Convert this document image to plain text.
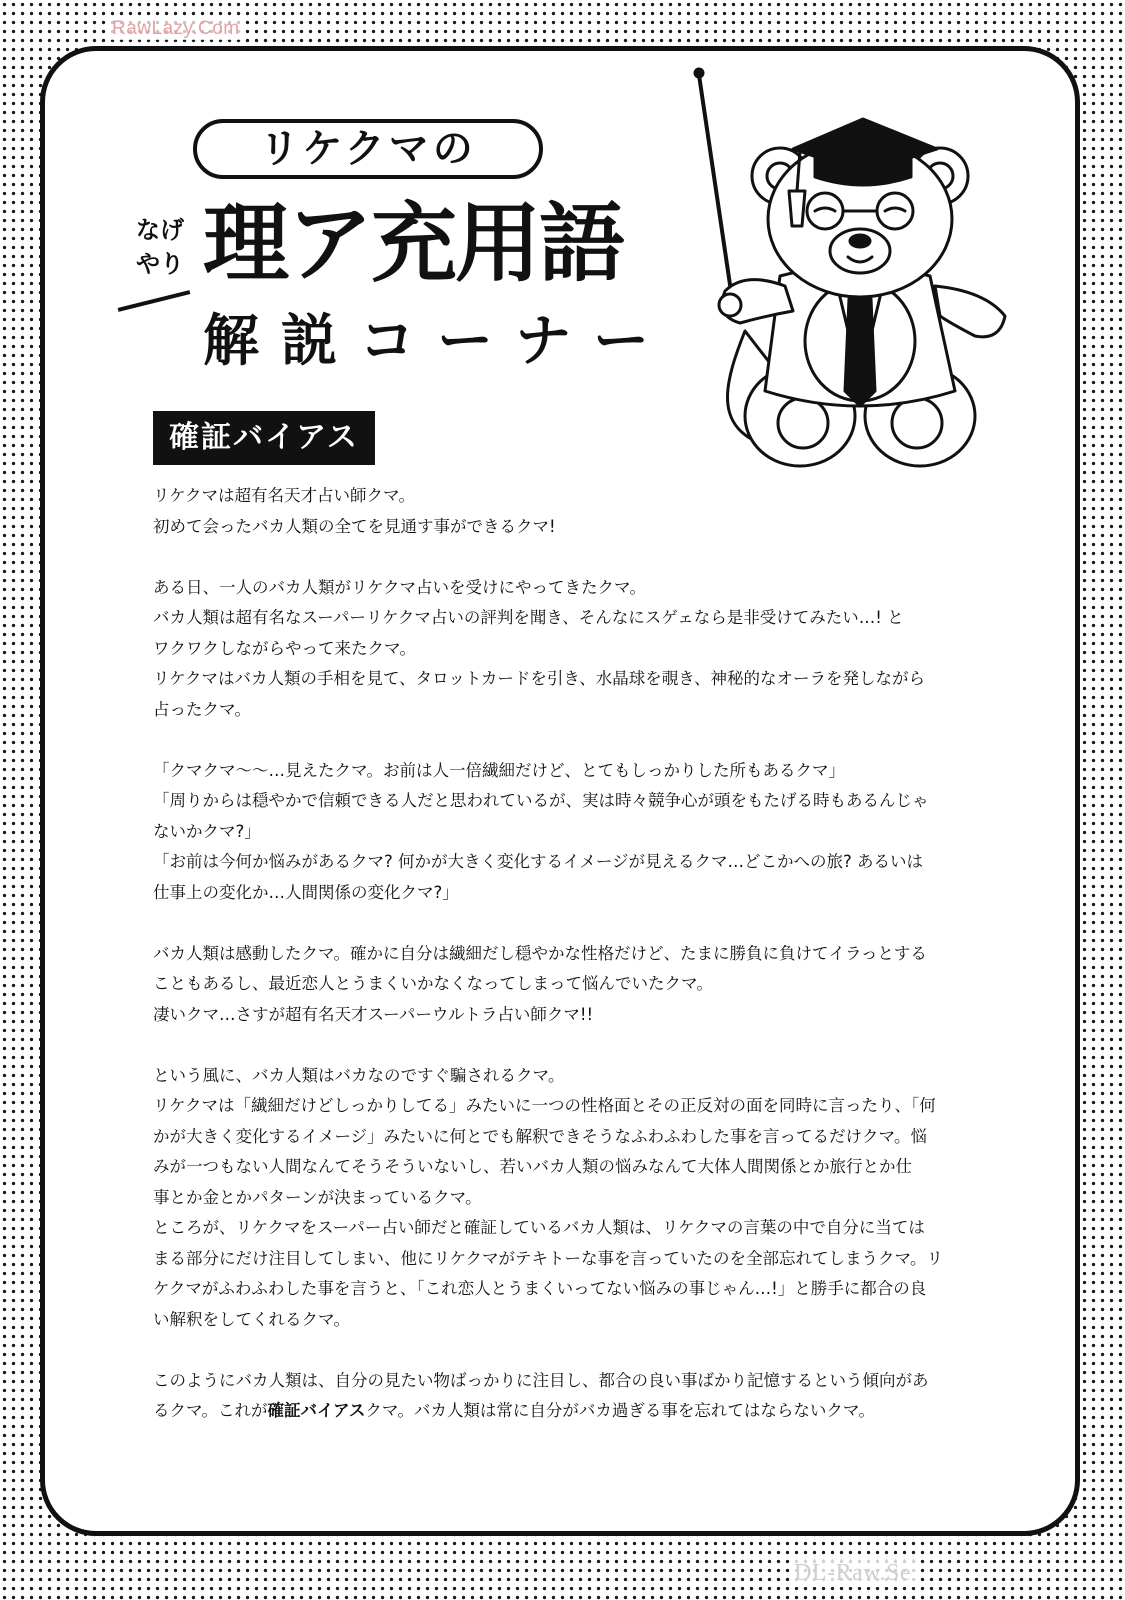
RawLazy.Com
リケクマの
なげ
やり 理ア充用語
解説コーナー
確証バイアス

リケクマは超有名天才占い師クマ。
初めて会ったバカ人類の全てを見通す事ができるクマ!

ある日、一人のバカ人類がリケクマ占いを受けにやってきたクマ。
バカ人類は超有名なスーパーリケクマ占いの評判を聞き、そんなにスゲェなら是非受けてみたい…! と
ワクワクしながらやって来たクマ。
リケクマはバカ人類の手相を見て、タロットカードを引き、水晶球を覗き、神秘的なオーラを発しながら
占ったクマ。

「クマクマ〜〜…見えたクマ。お前は人一倍繊細だけど、とてもしっかりした所もあるクマ」
「周りからは穏やかで信頼できる人だと思われているが、実は時々競争心が頭をもたげる時もあるんじゃ
ないかクマ?」
「お前は今何か悩みがあるクマ? 何かが大きく変化するイメージが見えるクマ…どこかへの旅? あるいは
仕事上の変化か…人間関係の変化クマ?」

バカ人類は感動したクマ。確かに自分は繊細だし穏やかな性格だけど、たまに勝負に負けてイラっとする
こともあるし、最近恋人とうまくいかなくなってしまって悩んでいたクマ。
凄いクマ…さすが超有名天才スーパーウルトラ占い師クマ!!

という風に、バカ人類はバカなのですぐ騙されるクマ。
リケクマは「繊細だけどしっかりしてる」みたいに一つの性格面とその正反対の面を同時に言ったり、「何
かが大きく変化するイメージ」みたいに何とでも解釈できそうなふわふわした事を言ってるだけクマ。悩
みが一つもない人間なんてそうそういないし、若いバカ人類の悩みなんて大体人間関係とか旅行とか仕
事とか金とかパターンが決まっているクマ。
ところが、リケクマをスーパー占い師だと確証しているバカ人類は、リケクマの言葉の中で自分に当ては
まる部分にだけ注目してしまい、他にリケクマがテキトーな事を言っていたのを全部忘れてしまうクマ。リ
ケクマがふわふわした事を言うと、「これ恋人とうまくいってない悩みの事じゃん…!」と勝手に都合の良
い解釈をしてくれるクマ。

このようにバカ人類は、自分の見たい物ばっかりに注目し、都合の良い事ばかり記憶するという傾向があ
るクマ。これが確証バイアスクマ。バカ人類は常に自分がバカ過ぎる事を忘れてはならないクマ。

DL-Raw.Se
